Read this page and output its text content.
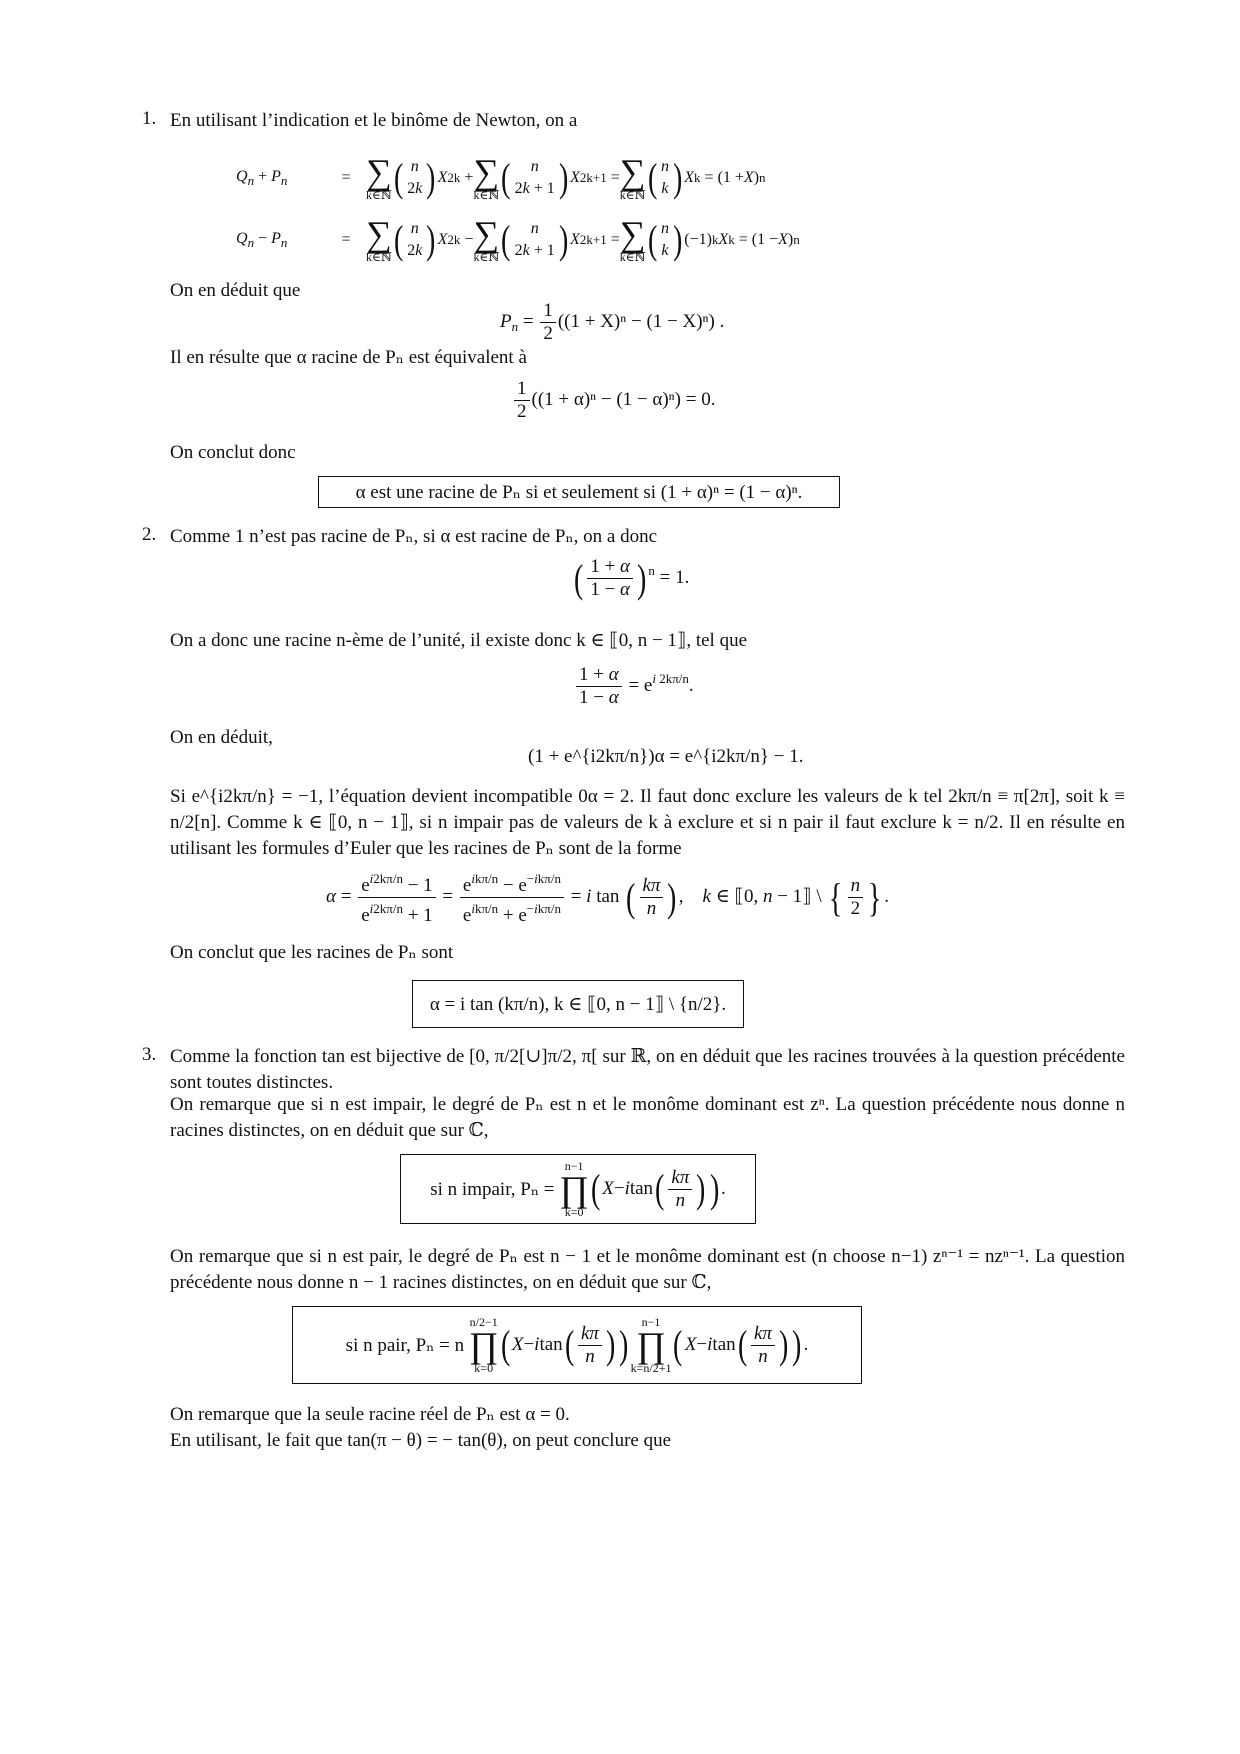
1. En utilisant l’indication et le binôme de Newton, on a
$Q_n + P_n$	= ∑
k∈ℕ ( n
2k ) X 2k + ∑
k∈ℕ ( n
2k + 1 ) X 2k+1 = ∑
k∈ℕ ( n
k ) X k = (1 + X ) n
$Q_n - P_n$	= ∑
k∈ℕ ( n
2k ) X 2k − ∑
k∈ℕ ( n
2k + 1 ) X 2k+1 = ∑
k∈ℕ ( n
k ) (−1) k X k = (1 − X ) n
On en déduit que
$P_n = \frac{1}{2} ((1 + X)^n - (1 - X)^n)$ .
Il en résulte que α racine de Pₙ est équivalent à
$\frac{1}{2} ((1 + \alpha)^n - (1 - \alpha)^n) = 0$.
On conclut donc
α est une racine de Pₙ si et seulement si (1 + α)ⁿ = (1 − α)ⁿ.
2. Comme 1 n’est pas racine de Pₙ, si α est racine de Pₙ, on a donc
( $\frac{1 + \alpha}{1 - \alpha}$ ) $^n$ = 1.
On a donc une racine n-ème de l’unité, il existe donc k ∈ ⟦0, n − 1⟧, tel que
$\frac{1 + \alpha}{1 - \alpha} = e^{i 2k\pi/n}$.
On en déduit,
(1 + e^{i2kπ/n})α = e^{i2kπ/n} − 1.
Si e^{i2kπ/n} = −1, l’équation devient incompatible 0α = 2. Il faut donc exclure les valeurs de k tel 2kπ/n ≡ π[2π], soit k ≡ n/2[n]. Comme k ∈ ⟦0, n − 1⟧, si n impair pas de valeurs de k à exclure et si n pair il faut exclure k = n/2. Il en résulte en utilisant les formules d’Euler que les racines de Pₙ sont de la forme
$\alpha = \frac{e^{i2k\pi/n} - 1}{e^{i2k\pi/n} + 1} = \frac{e^{ik\pi/n} - e^{-ik\pi/n}}{e^{ik\pi/n} + e^{-ik\pi/n}} = i$ tan ( $\frac{k\pi}{n}$ ) ,    k ∈ ⟦0, n − 1⟧ \ { $\frac{n}{2}$ } .
On conclut que les racines de Pₙ sont
α = i tan (kπ/n), k ∈ ⟦0, n − 1⟧ \ {n/2}.
3. Comme la fonction tan est bijective de [0, π/2[∪]π/2, π[ sur ℝ, on en déduit que les racines trouvées à la question précédente sont toutes distinctes.
On remarque que si n est impair, le degré de Pₙ est n et le monôme dominant est zⁿ. La question précédente nous donne n racines distinctes, on en déduit que sur ℂ,
si n impair, Pₙ =

n−1
∏
k=0
( X − i tan ( $\frac{k\pi}{n}$ ) ) .
On remarque que si n est pair, le degré de Pₙ est n − 1 et le monôme dominant est (n choose n−1) zⁿ⁻¹ = nzⁿ⁻¹. La question précédente nous donne n − 1 racines distinctes, on en déduit que sur ℂ,
si n pair, Pₙ = n

n/2−1
∏
k=0
( X − i tan ( $\frac{k\pi}{n}$ ) ) n−1
∏
k=n/2+1
( X − i tan ( $\frac{k\pi}{n}$ ) ) .
On remarque que la seule racine réel de Pₙ est α = 0.
En utilisant, le fait que tan(π − θ) = − tan(θ), on peut conclure que
